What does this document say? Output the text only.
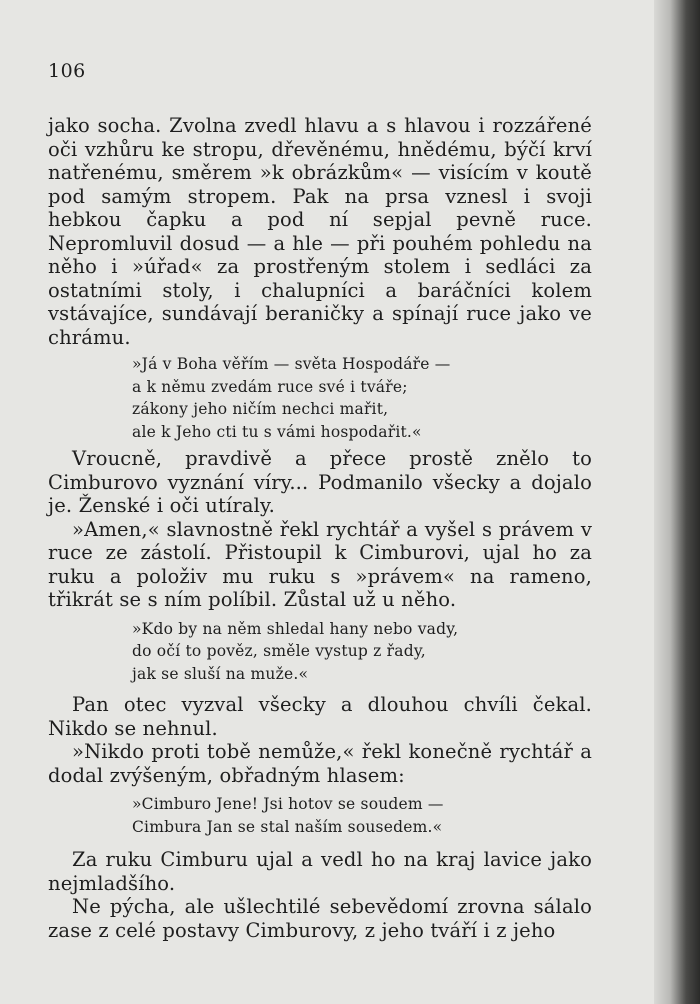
106

jako socha. Zvolna zvedl hlavu a s hlavou i rozzářené oči vzhůru ke stropu, dřevěnému, hnědému, býčí krví natřenému, směrem »k obrázkům« — visícím v koutě pod samým stropem. Pak na prsa vznesl i svoji hebkou čapku a pod ní sepjal pevně ruce. Nepromluvil dosud — a hle — při pouhém pohledu na něho i »úřad« za prostřeným stolem i sedláci za ostatními stoly, i chalupníci a baráčníci kolem vstávajíce, sundávají beraničky a spínají ruce jako ve chrámu.

»Já v Boha věřím — světa Hospodáře —
a k němu zvedám ruce své i tváře;
zákony jeho ničím nechci mařit,
ale k Jeho cti tu s vámi hospodařit.«

Vroucně, pravdivě a přece prostě znělo to Cimburovo vyznání víry... Podmanilo všecky a dojalo je. Ženské i oči utíraly.

»Amen,« slavnostně řekl rychtář a vyšel s právem v ruce ze zástolí. Přistoupil k Cimburovi, ujal ho za ruku a položiv mu ruku s »právem« na rameno, třikrát se s ním políbil. Zůstal už u něho.

»Kdo by na něm shledal hany nebo vady,
do očí to pověz, směle vystup z řady,
jak se sluší na muže.«

Pan otec vyzval všecky a dlouhou chvíli čekal. Nikdo se nehnul.

»Nikdo proti tobě nemůže,« řekl konečně rychtář a dodal zvýšeným, obřadným hlasem:

»Cimburo Jene! Jsi hotov se soudem —
Cimbura Jan se stal naším sousedem.«

Za ruku Cimburu ujal a vedl ho na kraj lavice jako nejmladšího.

Ne pýcha, ale ušlechtilé sebevědomí zrovna sálalo zase z celé postavy Cimburovy, z jeho tváří i z jeho
